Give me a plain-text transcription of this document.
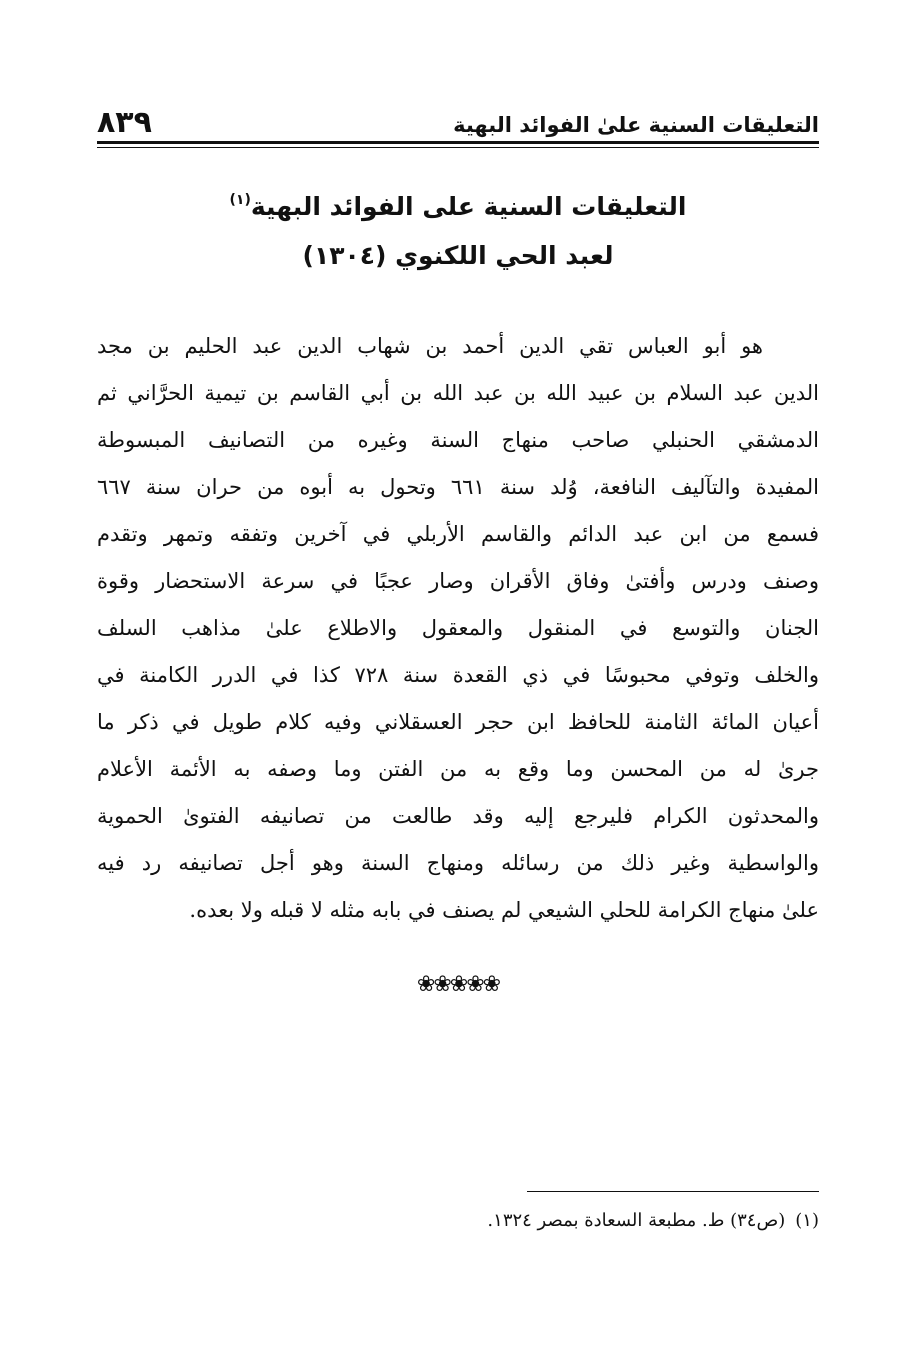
التعليقات السنية علىٰ الفوائد البهية
٨٣٩
التعليقات السنية على الفوائد البهية$^{(١)}$
لعبد الحي اللكنوي (١٣٠٤)
هو أبو العباس تقي الدين أحمد بن شهاب الدين عبد الحليم بن مجد
الدين عبد السلام بن عبيد الله بن عبد الله بن أبي القاسم بن تيمية الحرَّاني ثم
الدمشقي الحنبلي صاحب منهاج السنة وغيره من التصانيف المبسوطة
المفيدة والتآليف النافعة، وُلد سنة ٦٦١ وتحول به أبوه من حران سنة ٦٦٧
فسمع من ابن عبد الدائم والقاسم الأربلي في آخرين وتفقه وتمهر وتقدم
وصنف ودرس وأفتىٰ وفاق الأقران وصار عجبًا في سرعة الاستحضار وقوة
الجنان والتوسع في المنقول والمعقول والاطلاع علىٰ مذاهب السلف
والخلف وتوفي محبوسًا في ذي القعدة سنة ٧٢٨ كذا في الدرر الكامنة في
أعيان المائة الثامنة للحافظ ابن حجر العسقلاني وفيه كلام طويل في ذكر ما
جرىٰ له من المحسن وما وقع به من الفتن وما وصفه به الأئمة الأعلام
والمحدثون الكرام فليرجع إليه وقد طالعت من تصانيفه الفتوىٰ الحموية
والواسطية وغير ذلك من رسائله ومنهاج السنة وهو أجل تصانيفه رد فيه
علىٰ منهاج الكرامة للحلي الشيعي لم يصنف في بابه مثله لا قبله ولا بعده.
❀❀❀❀❀
(١)(ص٣٤) ط. مطبعة السعادة بمصر ١٣٢٤.
